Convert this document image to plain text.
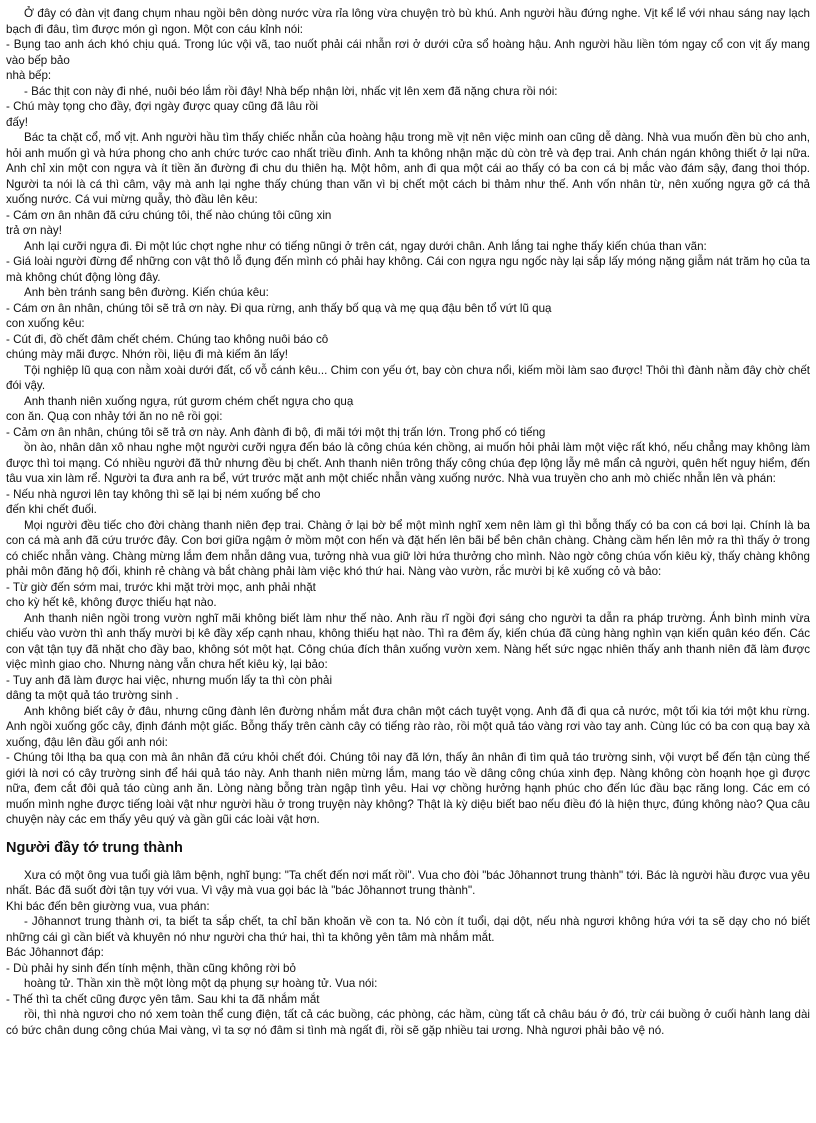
Ở đây có đàn vịt đang chụm nhau ngồi bên dòng nước vừa rỉa lông vừa chuyện trò bù khú. Anh người hầu đứng nghe. Vịt kể lể với nhau sáng nay lạch bạch đi đâu, tìm được món gì ngon. Một con cáu kỉnh nói:

- Bụng tao anh ách khó chịu quá. Trong lúc vội vã, tao nuốt phải cái nhẫn rơi ở dưới cửa sổ hoàng hậu. Anh người hầu liền tóm ngay cổ con vịt ấy mang vào bếp bảo

nhà bếp:

- Bác thịt con này đi nhé, nuôi béo lắm rồi đây! Nhà bếp nhận lời, nhấc vịt lên xem đã nặng chưa rồi nói:

- Chú mày tọng cho đầy, đợi ngày được quay cũng đã lâu rồi

đấy!

Bác ta chặt cổ, mổ vịt. Anh người hầu tìm thấy chiếc nhẫn của hoàng hậu trong mề vịt nên việc minh oan cũng dễ dàng. Nhà vua muốn đền bù cho anh, hỏi anh muốn gì và hứa phong cho anh chức tước cao nhất triều đình. Anh ta không nhận mặc dù còn trẻ và đẹp trai. Anh chán ngán không thiết ở lại nữa. Anh chỉ xin một con ngựa và ít tiền ăn đường đi chu du thiên hạ. Một hôm, anh đi qua một cái ao thấy có ba con cá bị mắc vào đám sậy, đang thoi thóp. Người ta nói là cá thì câm, vậy mà anh lại nghe thấy chúng than vãn vì bị chết một cách bi thảm như thế. Anh vốn nhân từ, nên xuống ngựa gỡ cá thả xuống nước. Cá vui mừng quẫy, thò đầu lên kêu:

- Cám ơn ân nhân đã cứu chúng tôi, thế nào chúng tôi cũng xin

trả ơn này!

Anh lại cưỡi ngựa đi. Đi một lúc chợt nghe như có tiếng nũngi ở trên cát, ngay dưới chân. Anh lắng tai nghe thấy kiến chúa than vãn:

- Giá loài người đừng để những con vật thô lỗ đụng đến mình có phải hay không. Cái con ngựa ngu ngốc này lại sắp lấy móng nặng giẫm nát trăm họ của ta mà không chút động lòng đây.

Anh bèn tránh sang bên đường. Kiến chúa kêu:

- Cám ơn ân nhân, chúng tôi sẽ trả ơn này. Đi qua rừng, anh thấy bố quạ và mẹ quạ đậu bên tổ vứt lũ quạ

con xuống kêu:

- Cút đi, đồ chết đâm chết chém. Chúng tao không nuôi báo cô

chúng mày mãi được. Nhớn rồi, liệu đi mà kiếm ăn lấy!

Tội nghiệp lũ quạ con nằm xoài dưới đất, cố vỗ cánh kêu... Chim con yếu ớt, bay còn chưa nổi, kiếm mồi làm sao được! Thôi thì đành nằm đây chờ chết đói vậy.

Anh thanh niên xuống ngựa, rút gươm chém chết ngựa cho quạ

con ăn. Quạ con nhảy tới ăn no nê rồi gọi:

- Cảm ơn ân nhân, chúng tôi sẽ trả ơn này. Anh đành đi bộ, đi mãi tới một thị trấn lớn. Trong phố có tiếng

ồn ào, nhân dân xô nhau nghe một người cưỡi ngựa đến báo là công chúa kén chồng, ai muốn hỏi phải làm một việc rất khó, nếu chẳng may không làm được thì toi mạng. Có nhiều người đã thử nhưng đều bị chết. Anh thanh niên trông thấy công chúa đẹp lộng lẫy mê mẩn cả người, quên hết nguy hiểm, đến tâu vua xin làm rể. Người ta đưa anh ra bể, vứt trước mặt anh một chiếc nhẫn vàng xuống nước. Nhà vua truyền cho anh mò chiếc nhẫn lên và phán:

- Nếu nhà ngươi lên tay không thì sẽ lại bị ném xuống bể cho

đến khi chết đuối.

Mọi người đều tiếc cho đời chàng thanh niên đẹp trai. Chàng ở lại bờ bể một mình nghĩ xem nên làm gì thì bỗng thấy có ba con cá bơi lại. Chính là ba con cá mà anh đã cứu trước đây. Con bơi giữa ngậm ở mồm một con hến và đặt hến lên bãi bể bên chân chàng. Chàng cầm hến lên mở ra thì thấy ở trong có chiếc nhẫn vàng. Chàng mừng lắm đem nhẫn dâng vua, tưởng nhà vua giữ lời hứa thưởng cho mình. Nào ngờ công chúa vốn kiêu kỳ, thấy chàng không phải môn đăng hộ đối, khinh rẻ chàng và bắt chàng phải làm việc khó thứ hai. Nàng vào vườn, rắc mười bị kê xuống cỏ và bảo:

- Từ giờ đến sớm mai, trước khi mặt trời mọc, anh phải nhặt

cho kỳ hết kê, không được thiếu hạt nào.

Anh thanh niên ngồi trong vườn nghĩ mãi không biết làm như thế nào. Anh rầu rĩ ngồi đợi sáng cho người ta dẫn ra pháp trường. Ánh bình minh vừa chiếu vào vườn thì anh thấy mười bị kê đầy xếp cạnh nhau, không thiếu hạt nào. Thì ra đêm ấy, kiến chúa đã cùng hàng nghìn vạn kiến quân kéo đến. Các con vật tận tụy đã nhặt cho đầy bao, không sót một hạt. Công chúa đích thân xuống vườn xem. Nàng hết sức ngạc nhiên thấy anh thanh niên đã làm được việc mình giao cho. Nhưng nàng vẫn chưa hết kiêu kỳ, lại bảo:

- Tuy anh đã làm được hai việc, nhưng muốn lấy ta thì còn phải

dâng ta một quả táo trường sinh .

Anh không biết cây ở đâu, nhưng cũng đành lên đường nhắm mắt đưa chân một cách tuyệt vọng. Anh đã đi qua cả nước, một tối kia tới một khu rừng. Anh ngồi xuống gốc cây, định đánh một giấc. Bỗng thấy trên cành cây có tiếng rào rào, rồi một quả táo vàng rơi vào tay anh. Cùng lúc có ba con quạ bay xà xuống, đậu lên đầu gối anh nói:

- Chúng tôi lthạ ba quạ con mà ân nhân đã cứu khỏi chết đói. Chúng tôi nay đã lớn, thấy ân nhân đi tìm quả táo trường sinh, vội vượt bể đến tận cùng thế giới là nơi có cây trường sinh để hái quả táo này. Anh thanh niên mừng lắm, mang táo về dâng công chúa xinh đẹp. Nàng không còn hoạnh họe gì được nữa, đem cắt đôi quả táo cùng anh ăn. Lòng nàng bỗng tràn ngập tình yêu. Hai vợ chồng hưởng hạnh phúc cho đến lúc đầu bạc răng long. Các em có muốn mình nghe được tiếng loài vật như người hầu ở trong truyện này không? Thật là kỳ diệu biết bao nếu điều đó là hiện thực, đúng không nào? Qua câu chuyện này các em thấy yêu quý và gần gũi các loài vật hơn.

Người đầy tớ trung thành

Xưa có một ông vua tuổi già lâm bệnh, nghĩ bụng: "Ta chết đến nơi mất rồi". Vua cho đòi "bác Jôhannơt trung thành" tới. Bác là người hầu được vua yêu nhất. Bác đã suốt đời tận tụy với vua. Vì vậy mà vua gọi bác là "bác Jôhannơt trung thành".

Khi bác đến bên giường vua, vua phán:

- Jôhannơt trung thành ơi, ta biết ta sắp chết, ta chỉ băn khoăn về con ta. Nó còn ít tuổi, dại dột, nếu nhà ngươi không hứa với ta sẽ dạy cho nó biết những cái gì cần biết và khuyên nó như người cha thứ hai, thì ta không yên tâm mà nhắm mắt.

Bác Jôhannơt đáp:

- Dù phải hy sinh đến tính mệnh, thần cũng không rời bỏ

hoàng tử. Thần xin thề một lòng một dạ phụng sự hoàng tử. Vua nói:

- Thế thì ta chết cũng được yên tâm. Sau khi ta đã nhắm mắt

rồi, thì nhà ngươi cho nó xem toàn thể cung điện, tất cả các buồng, các phòng, các hầm, cùng tất cả châu báu ở đó, trừ cái buồng ở cuối hành lang dài có bức chân dung công chúa Mai vàng, vì ta sợ nó đâm si tình mà ngất đi, rồi sẽ gặp nhiều tai ương. Nhà ngươi phải bảo vệ nó.
